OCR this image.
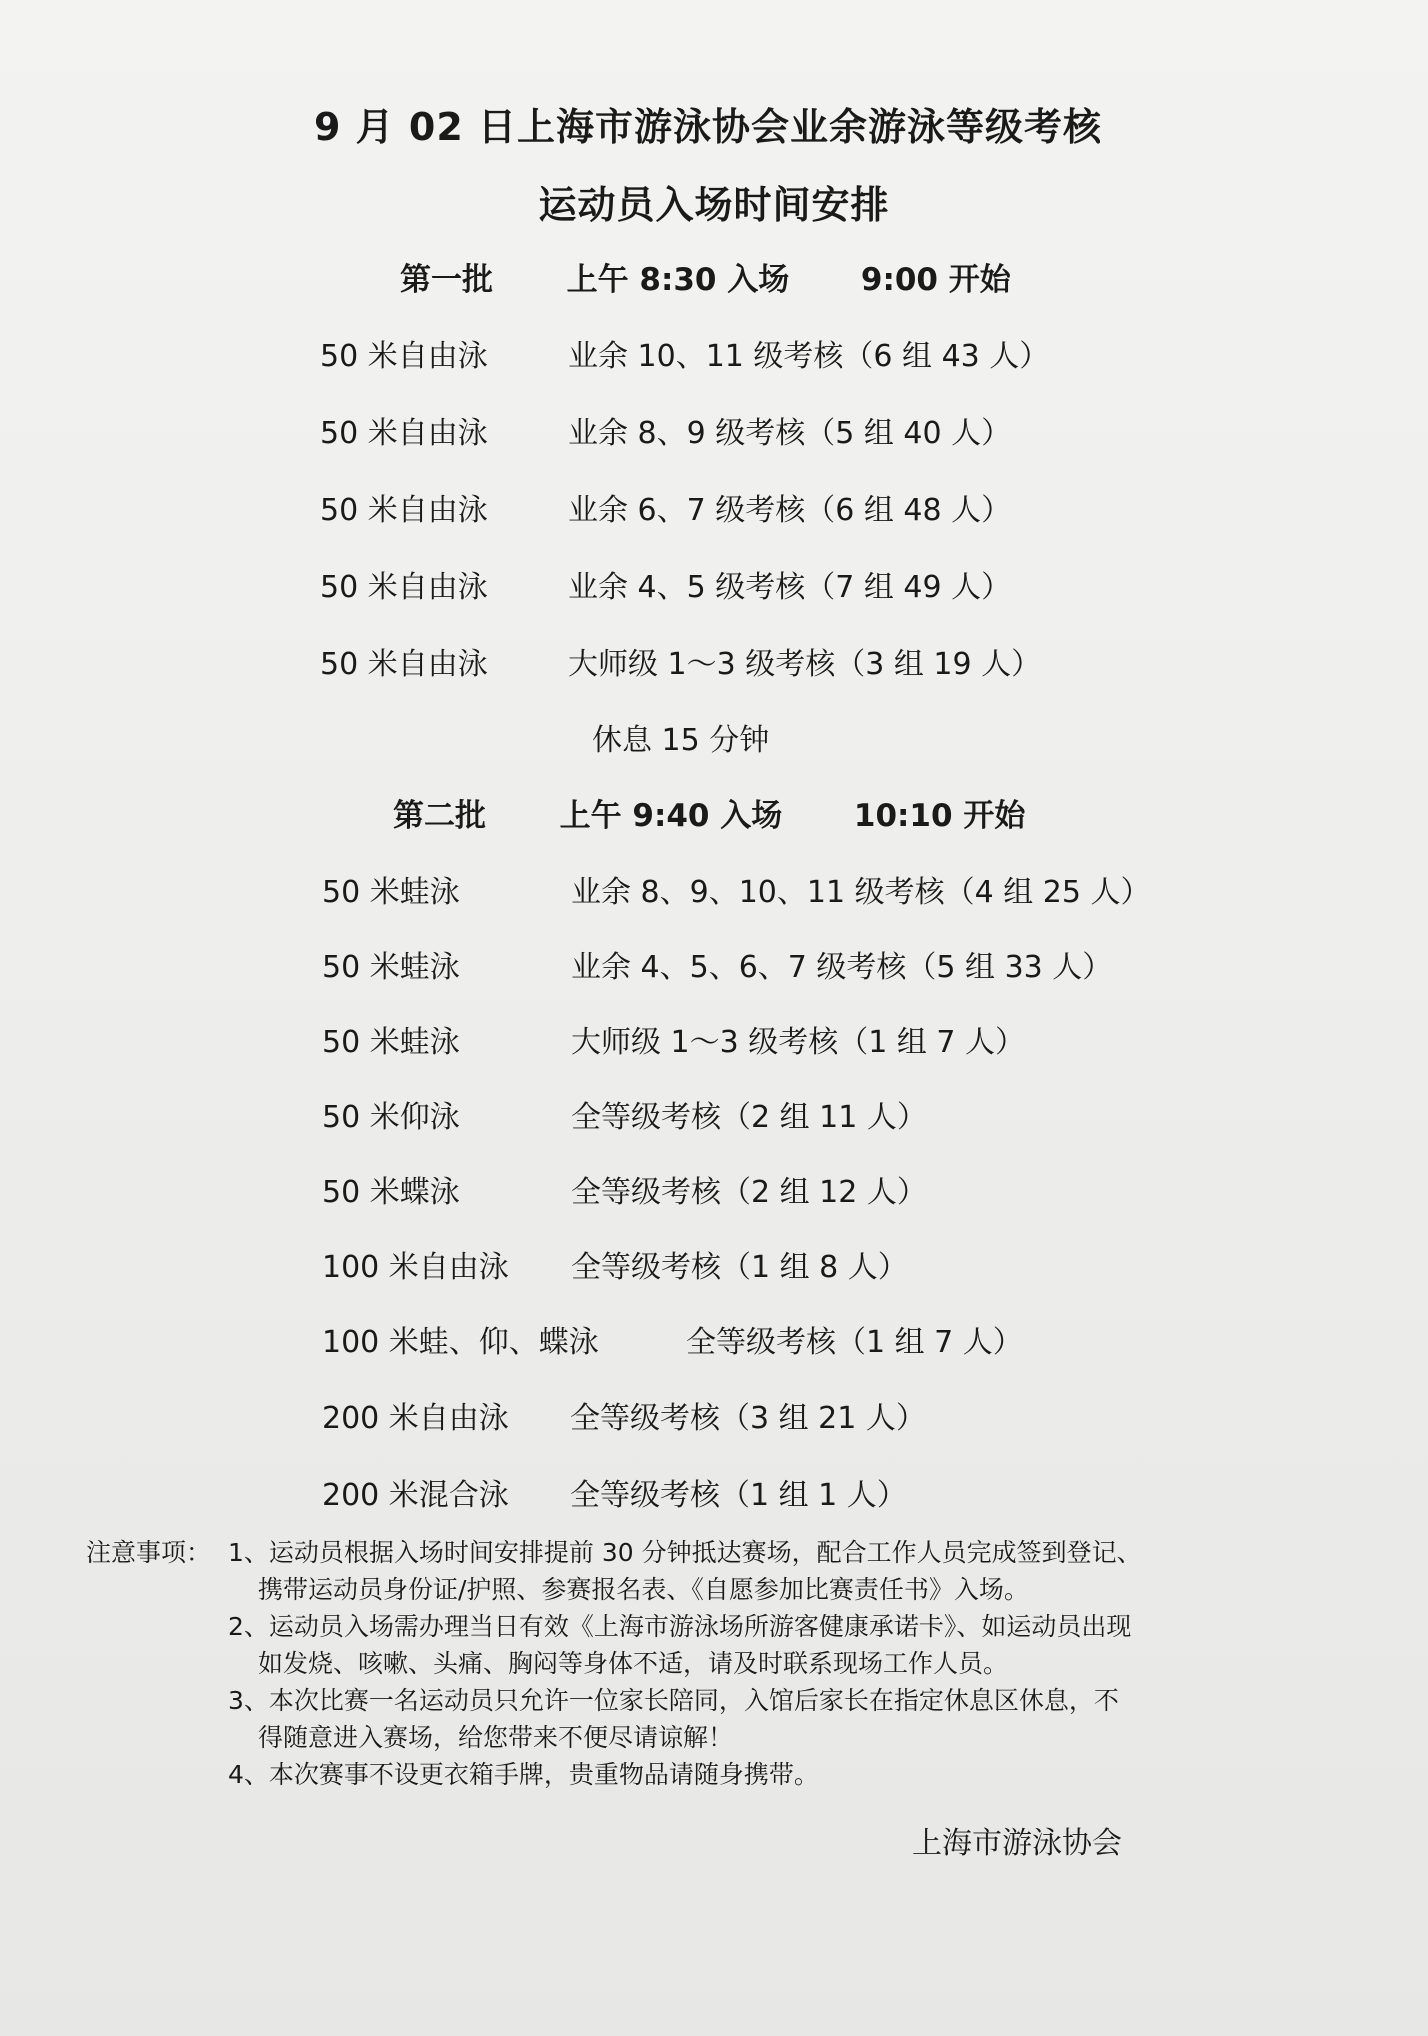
9 月 02 日上海市游泳协会业余游泳等级考核
运动员入场时间安排
第一批 上午 8:30 入场 9:00 开始
50 米自由泳	业余 10、11 级考核（6 组 43 人）
50 米自由泳	业余 8、9 级考核（5 组 40 人）
50 米自由泳	业余 6、7 级考核（6 组 48 人）
50 米自由泳	业余 4、5 级考核（7 组 49 人）
50 米自由泳	大师级 1～3 级考核（3 组 19 人）
休息 15 分钟
第二批 上午 9:40 入场 10:10 开始
50 米蛙泳	业余 8、9、10、11 级考核（4 组 25 人）
50 米蛙泳	业余 4、5、6、7 级考核（5 组 33 人）
50 米蛙泳	大师级 1～3 级考核（1 组 7 人）
50 米仰泳	全等级考核（2 组 11 人）
50 米蝶泳	全等级考核（2 组 12 人）
100 米自由泳 全等级考核（1 组 8 人）
100 米蛙、仰、蝶泳	全等级考核（1 组 7 人）
200 米自由泳 全等级考核（3 组 21 人）
200 米混合泳 全等级考核（1 组 1 人）
注意事项： 1、运动员根据入场时间安排提前 30 分钟抵达赛场，配合工作人员完成签到登记、
携带运动员身份证/护照、参赛报名表、《自愿参加比赛责任书》入场。
2、运动员入场需办理当日有效《上海市游泳场所游客健康承诺卡》、如运动员出现
如发烧、咳嗽、头痛、胸闷等身体不适，请及时联系现场工作人员。
3、本次比赛一名运动员只允许一位家长陪同，入馆后家长在指定休息区休息，不
得随意进入赛场，给您带来不便尽请谅解！
4、本次赛事不设更衣箱手牌，贵重物品请随身携带。
上海市游泳协会
